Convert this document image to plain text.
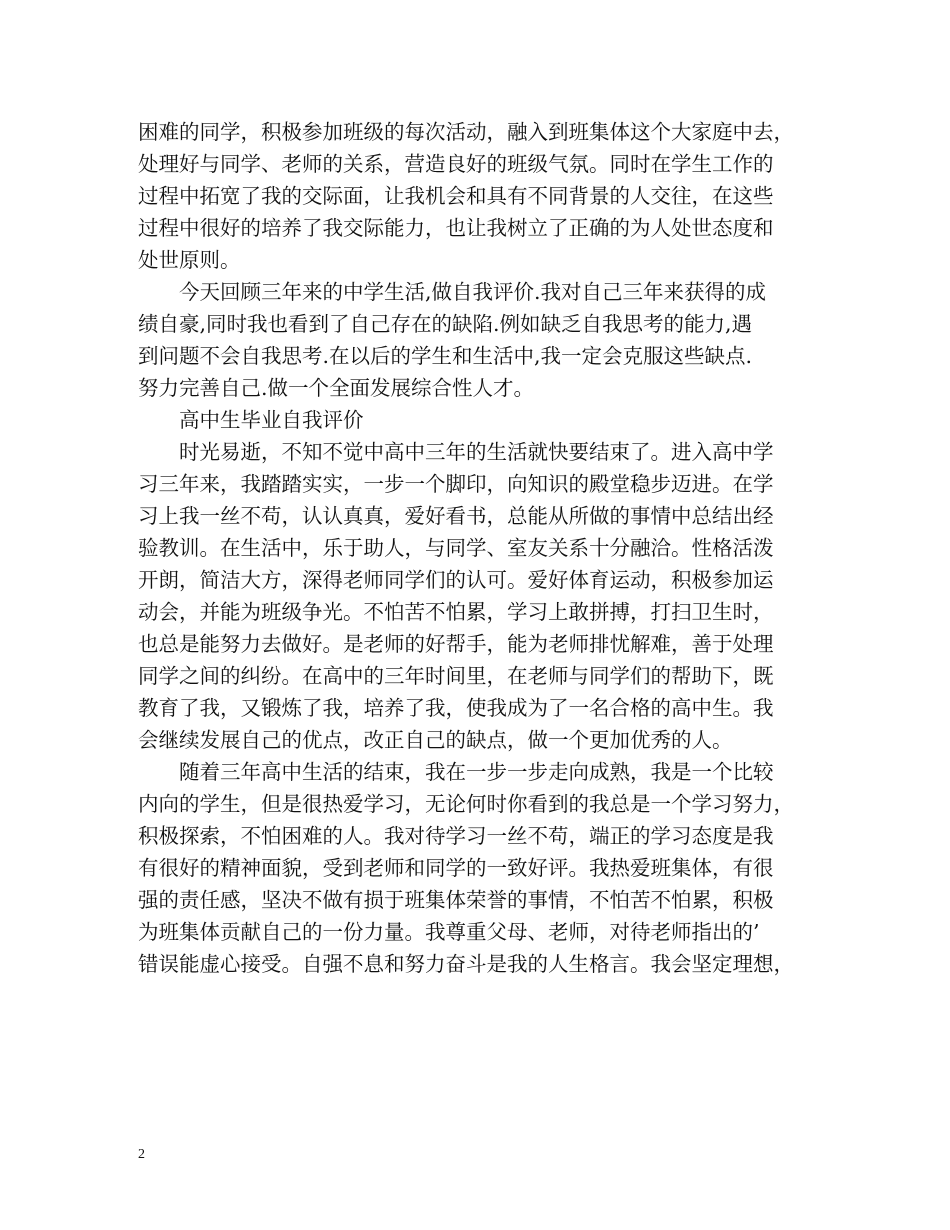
困难的同学，积极参加班级的每次活动，融入到班集体这个大家庭中去，
处理好与同学、老师的关系，营造良好的班级气氛。同时在学生工作的
过程中拓宽了我的交际面，让我机会和具有不同背景的人交往，在这些
过程中很好的培养了我交际能力，也让我树立了正确的为人处世态度和
处世原则。
今天回顾三年来的中学生活,做自我评价.我对自己三年来获得的成
绩自豪,同时我也看到了自己存在的缺陷.例如缺乏自我思考的能力,遇
到问题不会自我思考.在以后的学生和生活中,我一定会克服这些缺点.
努力完善自己.做一个全面发展综合性人才。
高中生毕业自我评价
时光易逝，不知不觉中高中三年的生活就快要结束了。进入高中学
习三年来，我踏踏实实，一步一个脚印，向知识的殿堂稳步迈进。在学
习上我一丝不苟，认认真真，爱好看书，总能从所做的事情中总结出经
验教训。在生活中，乐于助人，与同学、室友关系十分融洽。性格活泼
开朗，简洁大方，深得老师同学们的认可。爱好体育运动，积极参加运
动会，并能为班级争光。不怕苦不怕累，学习上敢拼搏，打扫卫生时，
也总是能努力去做好。是老师的好帮手，能为老师排忧解难，善于处理
同学之间的纠纷。在高中的三年时间里，在老师与同学们的帮助下，既
教育了我，又锻炼了我，培养了我，使我成为了一名合格的高中生。我
会继续发展自己的优点，改正自己的缺点，做一个更加优秀的人。
随着三年高中生活的结束，我在一步一步走向成熟，我是一个比较
内向的学生，但是很热爱学习，无论何时你看到的我总是一个学习努力，
积极探索，不怕困难的人。我对待学习一丝不苟，端正的学习态度是我
有很好的精神面貌，受到老师和同学的一致好评。我热爱班集体，有很
强的责任感，坚决不做有损于班集体荣誉的事情，不怕苦不怕累，积极
为班集体贡献自己的一份力量。我尊重父母、老师，对待老师指出的’
错误能虚心接受。自强不息和努力奋斗是我的人生格言。我会坚定理想，
2
